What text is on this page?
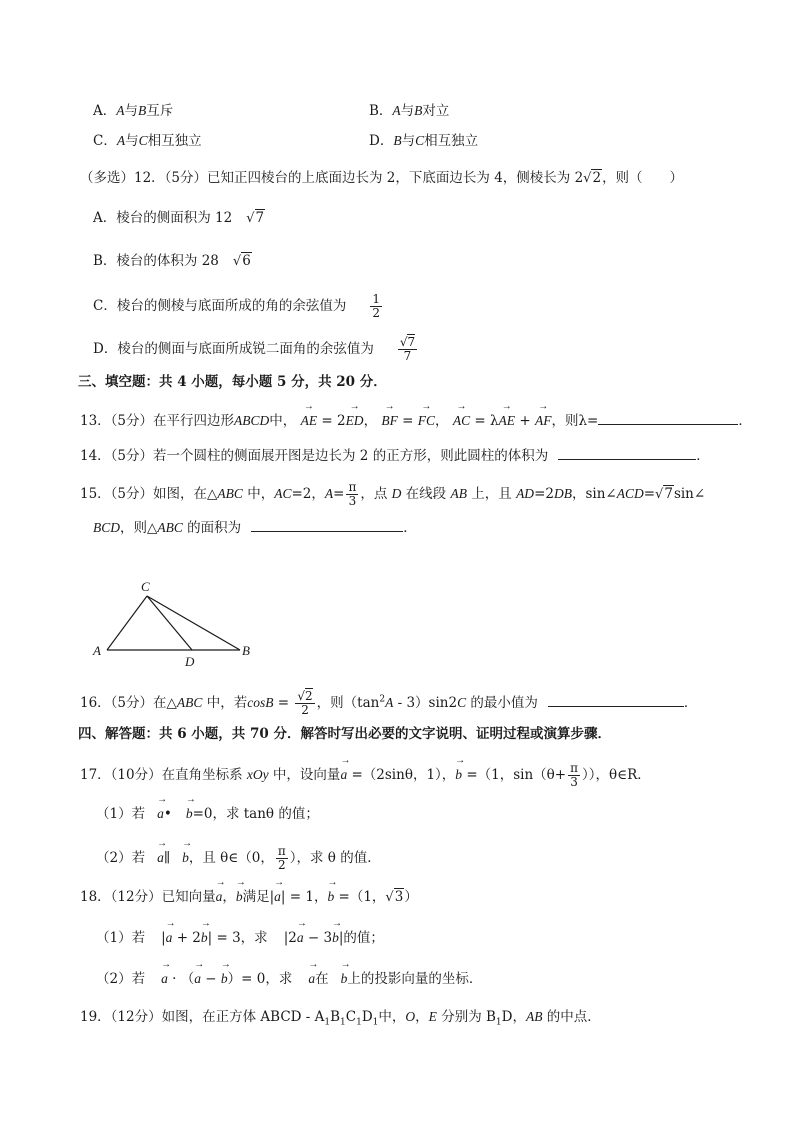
A．A与B互斥	B．A与B对立
C．A与C相互独立	D．B与C相互独立
（多选）12．（5分）已知正四棱台的上底面边长为 2，下底面边长为 4，侧棱长为 2√2，则（　　）
A．棱台的侧面积为 12 √7
B．棱台的体积为 28 √6
C．棱台的侧棱与底面所成的角的余弦值为 $\frac{1}{2}$
D．棱台的侧面与底面所成锐二面角的余弦值为 $\frac{√7}{7}$
三、填空题：共 4 小题，每小题 5 分，共 20 分．
13．（5分）在平行四边形ABCD中， → AE = 2→ ED， → BF = → FC， → AC = λ→ AE + → AF，则λ=	．
14．（5分）若一个圆柱的侧面展开图是边长为 2 的正方形，则此圆柱的体积为	．
15．（5分）如图，在△ABC 中，AC=2，$A= \frac{\pi}{3}$ ，点 D 在线段 AB 上，且 AD=2DB，sin∠ACD=√7sin∠
BCD，则△ABC 的面积为	．
C
A	B
D
16．（5分）在△ABC 中，若$\cos B = \frac{√2}{2}$ ，则$(\tan^2A - 3)\sin 2C$ 的最小值为	．
四、解答题：共 6 小题，共 70 分．解答时写出必要的文字说明、证明过程或演算步骤．
17．（10分）在直角坐标系 xOy 中，设向量→ a =（2sinθ，1），→ b =（1，$\sin(\theta+ \frac{\pi}{3}$ ）），θ∈R．
（1）若 → a• → b=0，求 tanθ 的值；
（2）若 → a∥ → b，且 θ∈（0， $\frac{\pi}{2}$ ），求 θ 的值．
18．（12分）已知向量→ a，→ b满足|→ a| = 1，→ b =（1，√3）
（1）若 |→ a + 2→ b| = 3，求 |2→ a − 3→ b|的值；
（2）若 → a · （→ a − → b）= 0，求 → a在 → b上的投影向量的坐标．
19．（12分）如图，在正方体 ABCD - $A_1B_1C_1D_1$中，O，E 分别为 $B_1D$，AB 的中点．
